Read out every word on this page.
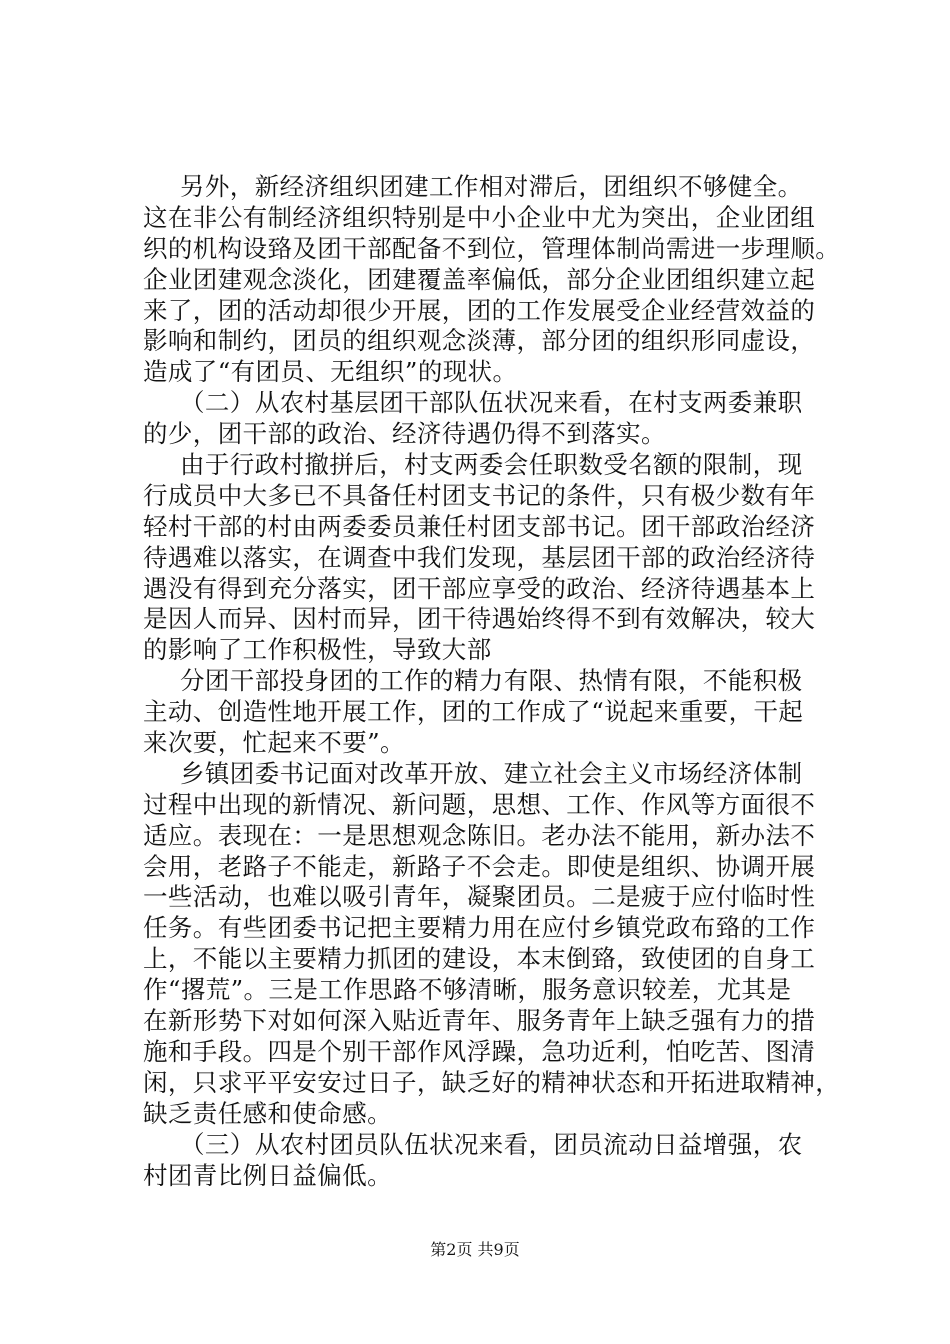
另外，新经济组织团建工作相对滞后，团组织不够健全。
这在非公有制经济组织特别是中小企业中尤为突出，企业团组
织的机构设臵及团干部配备不到位，管理体制尚需进一步理顺。
企业团建观念淡化，团建覆盖率偏低，部分企业团组织建立起
来了，团的活动却很少开展，团的工作发展受企业经营效益的
影响和制约，团员的组织观念淡薄，部分团的组织形同虚设，
造成了“有团员、无组织”的现状。
（二）从农村基层团干部队伍状况来看，在村支两委兼职
的少，团干部的政治、经济待遇仍得不到落实。
由于行政村撤拼后，村支两委会任职数受名额的限制，现
行成员中大多已不具备任村团支书记的条件，只有极少数有年
轻村干部的村由两委委员兼任村团支部书记。团干部政治经济
待遇难以落实，在调查中我们发现，基层团干部的政治经济待
遇没有得到充分落实，团干部应享受的政治、经济待遇基本上
是因人而异、因村而异，团干待遇始终得不到有效解决，较大
的影响了工作积极性，导致大部
分团干部投身团的工作的精力有限、热情有限，不能积极
主动、创造性地开展工作，团的工作成了“说起来重要，干起
来次要，忙起来不要”。
乡镇团委书记面对改革开放、建立社会主义市场经济体制
过程中出现的新情况、新问题，思想、工作、作风等方面很不
适应。表现在：一是思想观念陈旧。老办法不能用，新办法不
会用，老路子不能走，新路子不会走。即使是组织、协调开展
一些活动，也难以吸引青年，凝聚团员。二是疲于应付临时性
任务。有些团委书记把主要精力用在应付乡镇党政布臵的工作
上，不能以主要精力抓团的建设，本末倒臵，致使团的自身工
作“撂荒”。三是工作思路不够清晰，服务意识较差，尤其是
在新形势下对如何深入贴近青年、服务青年上缺乏强有力的措
施和手段。四是个别干部作风浮躁，急功近利，怕吃苦、图清
闲，只求平平安安过日子，缺乏好的精神状态和开拓进取精神，
缺乏责任感和使命感。
（三）从农村团员队伍状况来看，团员流动日益增强，农
村团青比例日益偏低。
第2页 共9页
